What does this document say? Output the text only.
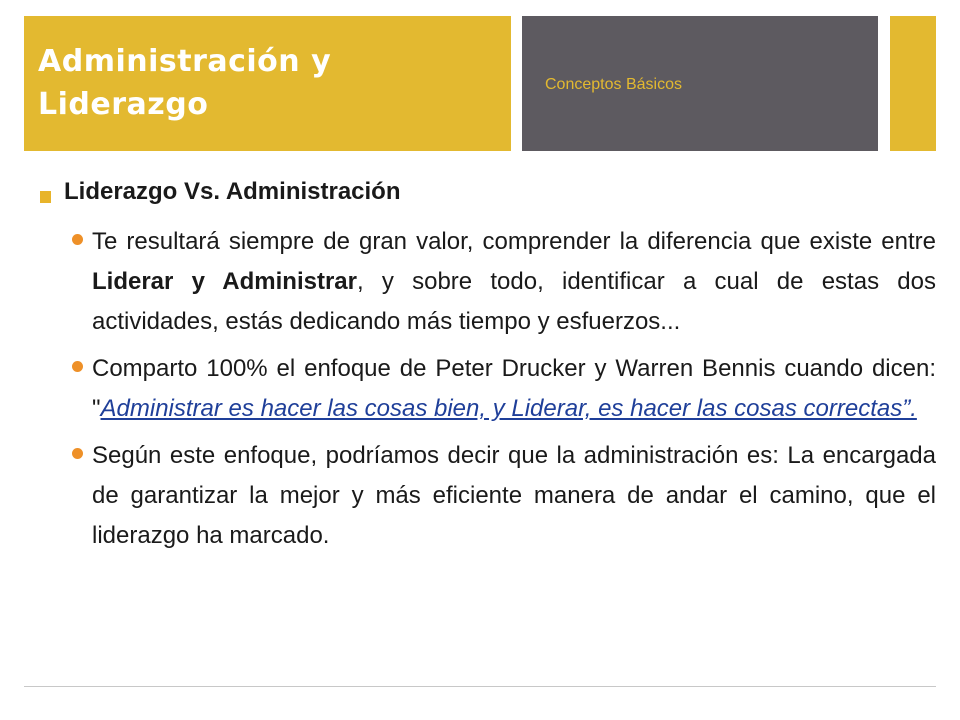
Administración y Liderazgo
Conceptos Básicos
Liderazgo Vs. Administración

Te resultará siempre de gran valor, comprender la diferencia que existe entre Liderar y Administrar, y sobre todo, identificar a cual de estas dos actividades, estás dedicando más tiempo y esfuerzos...

Comparto 100% el enfoque de Peter Drucker y Warren Bennis cuando dicen: "Administrar es hacer las cosas bien, y Liderar, es hacer las cosas correctas”.

Según este enfoque, podríamos decir que la administración es: La encargada de garantizar la mejor y más eficiente manera de andar el camino, que el liderazgo ha marcado.
